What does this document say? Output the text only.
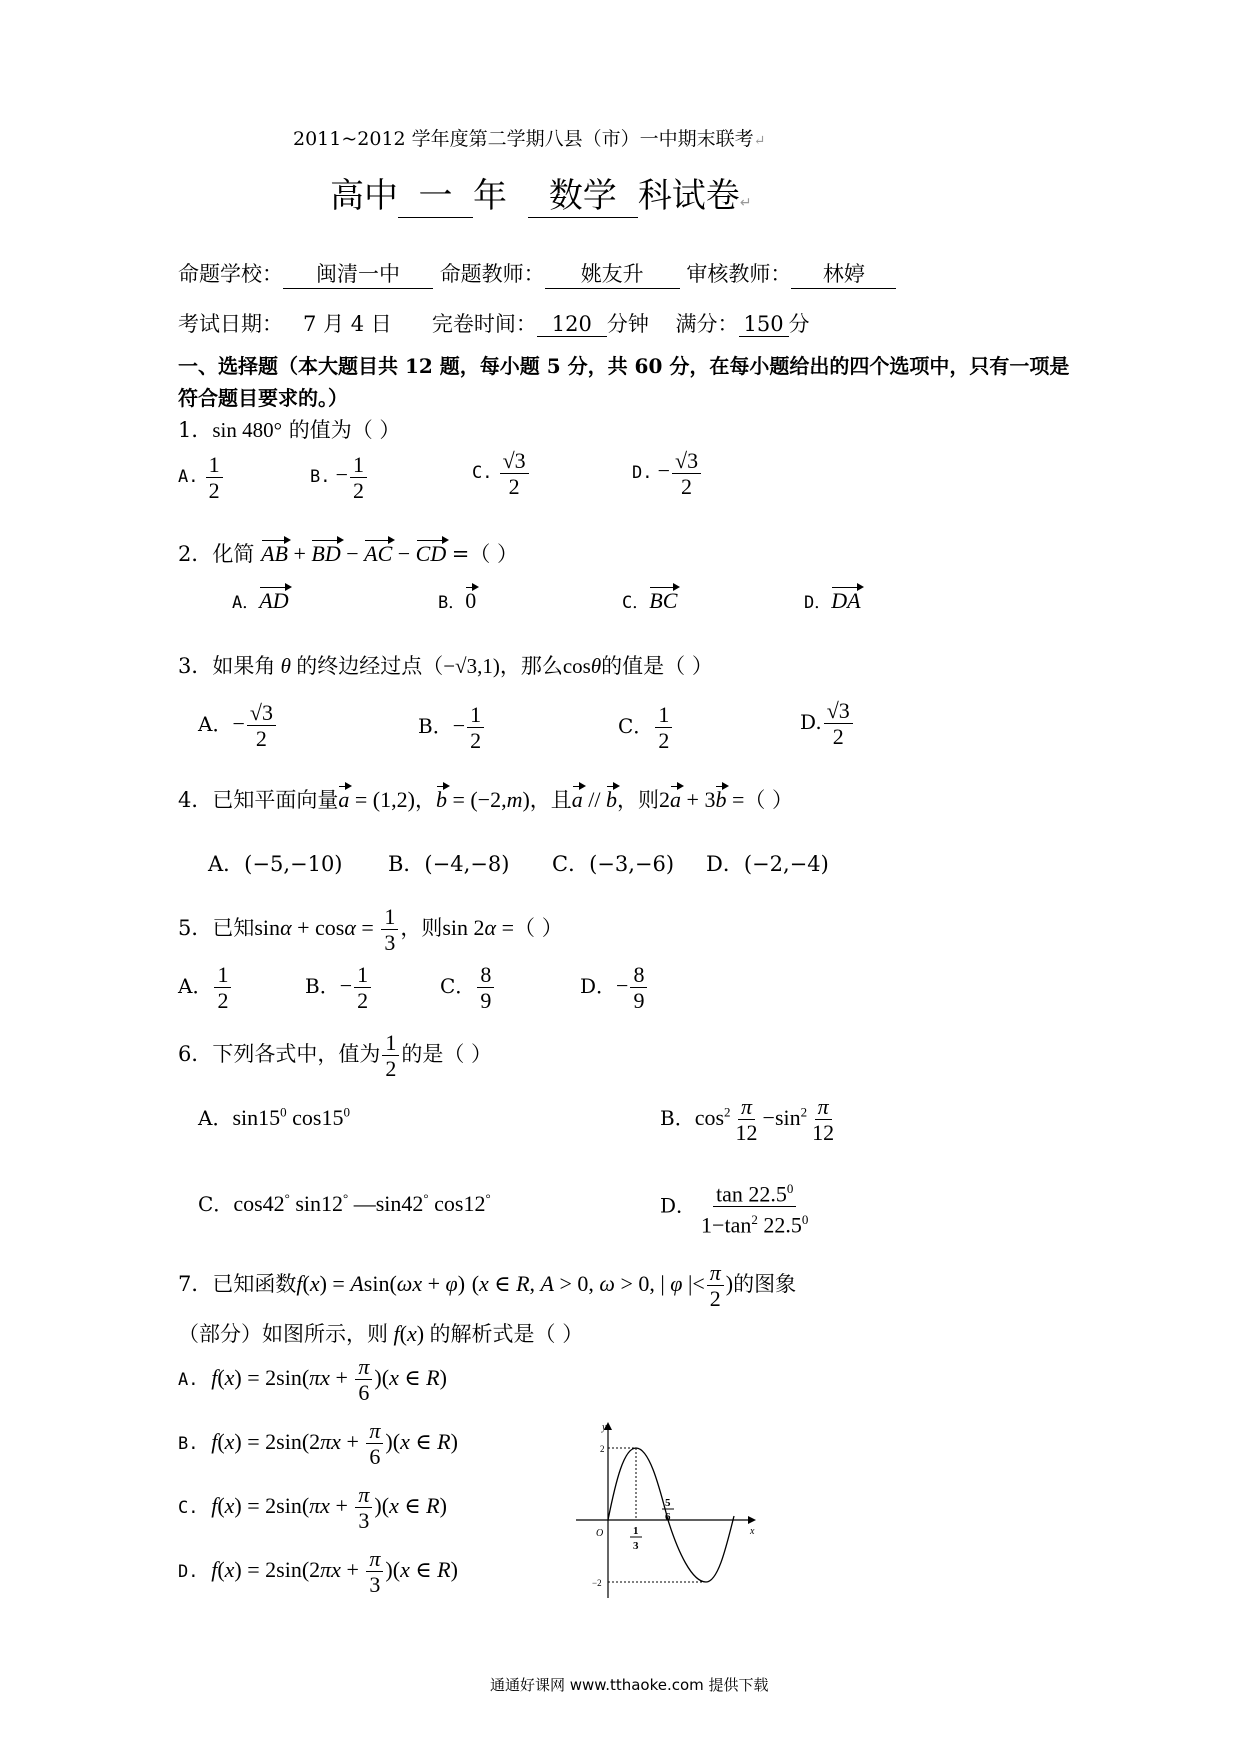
2011~2012 学年度第二学期八县（市）一中期末联考↵
高中 一 年 数学 科试卷↵
命题学校： 闽清一中 命题教师： 姚友升 审核教师： 林婷
考试日期： 7 月 4 日 完卷时间： 120 分钟 满分： 150 分
一、选择题（本大题目共 12 题，每小题 5 分，共 60 分，在每小题给出的四个选项中，只有一项是
符合题目要求的。）
1．sin 480° 的值为（ ）
A. $\frac{1}{2}$	B. − $\frac{1}{2}$	C. $\frac{√3}{2}$	D. − $\frac{√3}{2}$
2．化简 AB + BD − AC − CD =（ ）
A．AD	B．0	C．BC	D．DA
3．如果角 θ 的终边经过点（−√3,1)，那么cosθ的值是（ ）
A．− $\frac{√3}{2}$	B．− $\frac{1}{2}$	C． $\frac{1}{2}$	D. $\frac{√3}{2}$
4．已知平面向量a = (1,2)，b = (−2,m)，且a // b，则2a + 3b =（ ）
A．(−5,−10) B．(−4,−8) C．(−3,−6) D．(−2,−4)
5．已知$\sin\alpha + \cos\alpha = \frac{1}{3}$ ，则sin 2α =（ ）
A． $\frac{1}{2}$	B．− $\frac{1}{2}$	C． $\frac{8}{9}$	D．− $\frac{8}{9}$
6．下列各式中，值为 $\frac{1}{2}$ 的是（ ）
A．$\sin 15^0$ $\cos 15^0$	B．$\cos^2 \frac{\pi}{12} -\sin^2 \frac{\pi}{12}$
C．cos42° sin12° —sin42° cos12°	D． $\frac{\tan 22.5^0}{1-\tan^2 22.5^0}$
7．已知函数f(x) = Asin(ωx + φ) (x ∈ R, A > 0, ω > 0, | φ |< $\frac{\pi}{2}$ )的图象
（部分）如图所示，则 f(x) 的解析式是（ ）
A. $f(x) = 2\sin(\pi x + \frac{\pi}{6} )(x$ ∈ R)
B. $f(x) = 2\sin(2\pi x + \frac{\pi}{6} )(x$ ∈ R)
C. $f(x) = 2\sin(\pi x + \frac{\pi}{3} )(x$ ∈ R)
D. $f(x) = 2\sin(2\pi x + \frac{\pi}{3} )(x$ ∈ R)
y
x
O
2
−2
1
3
5
6
通通好课网 www.tthaoke.com 提供下载
